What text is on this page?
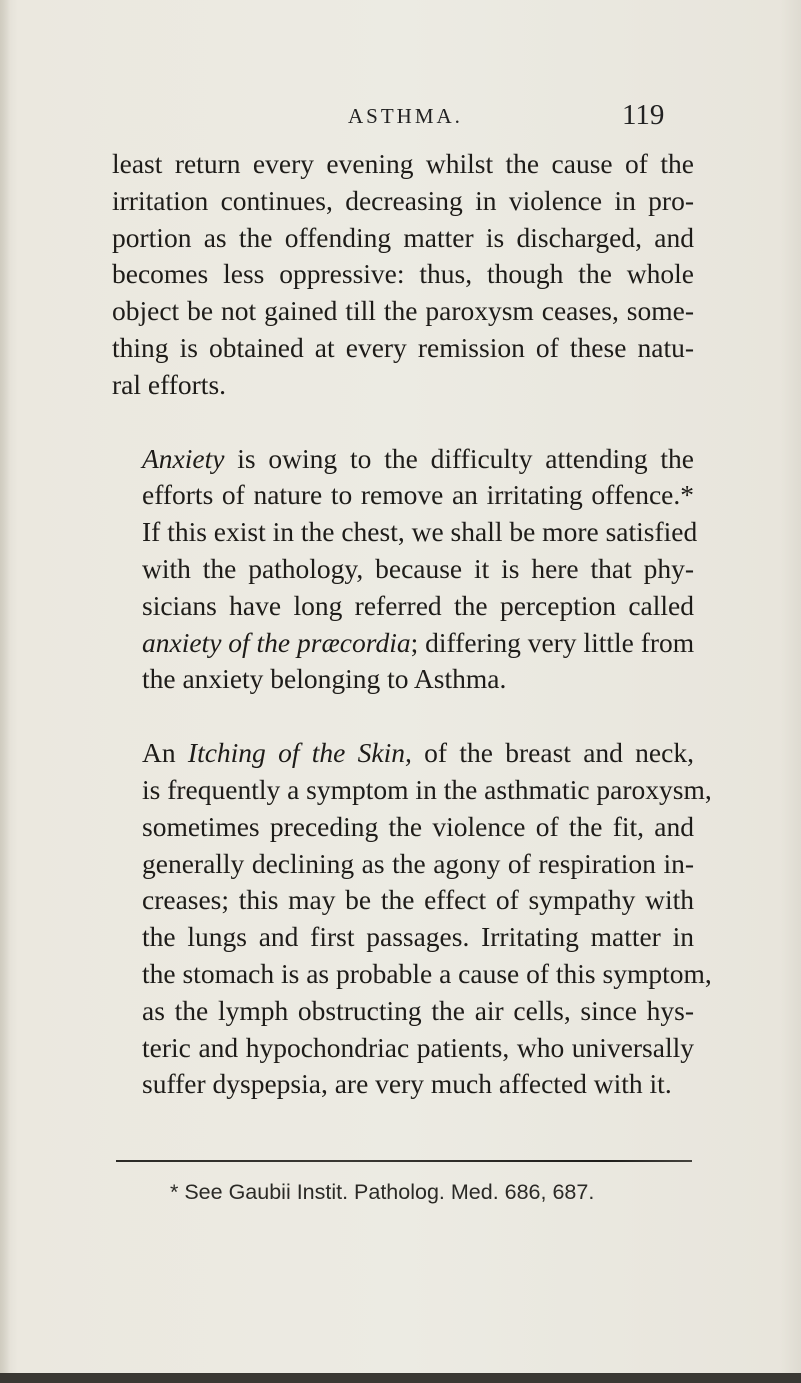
ASTHMA.	119

least return every evening whilst the cause of the
irritation continues, decreasing in violence in pro-
portion as the offending matter is discharged, and
becomes less oppressive: thus, though the whole
object be not gained till the paroxysm ceases, some-
thing is obtained at every remission of these natu-
ral efforts.

Anxiety is owing to the difficulty attending the
efforts of nature to remove an irritating offence.*
If this exist in the chest, we shall be more satisfied
with the pathology, because it is here that phy-
sicians have long referred the perception called
anxiety of the præcordia; differing very little from
the anxiety belonging to Asthma.

An Itching of the Skin, of the breast and neck,
is frequently a symptom in the asthmatic paroxysm,
sometimes preceding the violence of the fit, and
generally declining as the agony of respiration in-
creases; this may be the effect of sympathy with
the lungs and first passages. Irritating matter in
the stomach is as probable a cause of this symptom,
as the lymph obstructing the air cells, since hys-
teric and hypochondriac patients, who universally
suffer dyspepsia, are very much affected with it.

* See Gaubii Instit. Patholog. Med. 686, 687.
